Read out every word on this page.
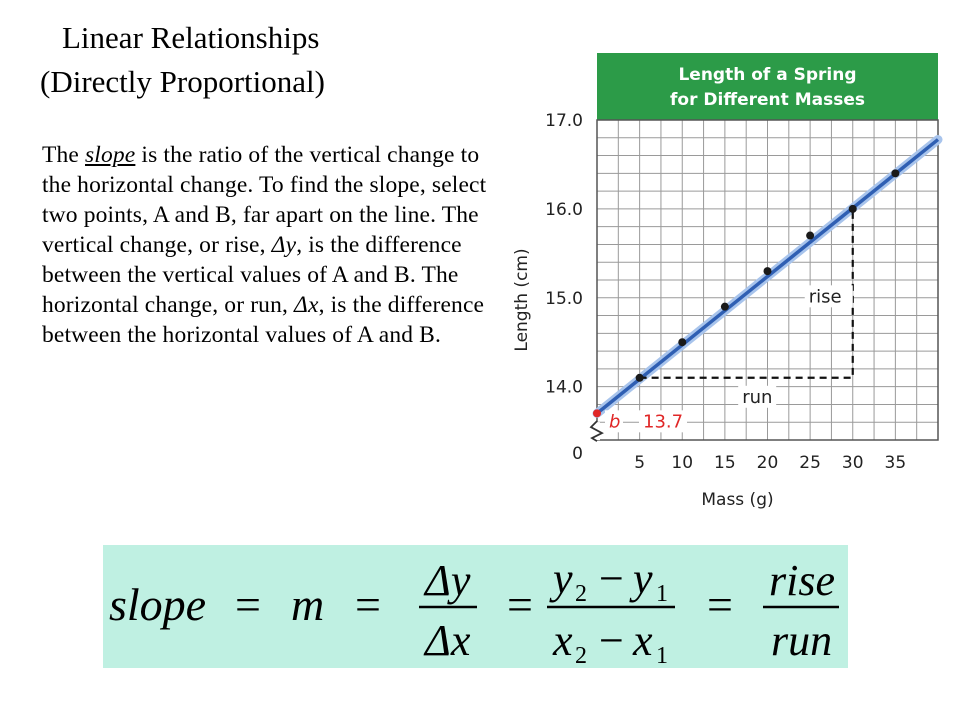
Linear Relationships
(Directly Proportional)
The slope is the ratio of the vertical change to the horizontal change. To find the slope, select two points, A and B, far apart on the line. The vertical change, or rise, Δy, is the difference between the vertical values of A and B. The horizontal change, or run, Δx, is the difference between the horizontal values of A and B.
Length of a Spring
for Different Masses
14.0
15.0
16.0
17.0
0	5 10 15 20 25 30 35
Mass (g)
Length (cm)	rise
run
b 13.7
slope = m = Δy
Δx
=
y 2 − y 1
x 2 − x 1
= rise
run
